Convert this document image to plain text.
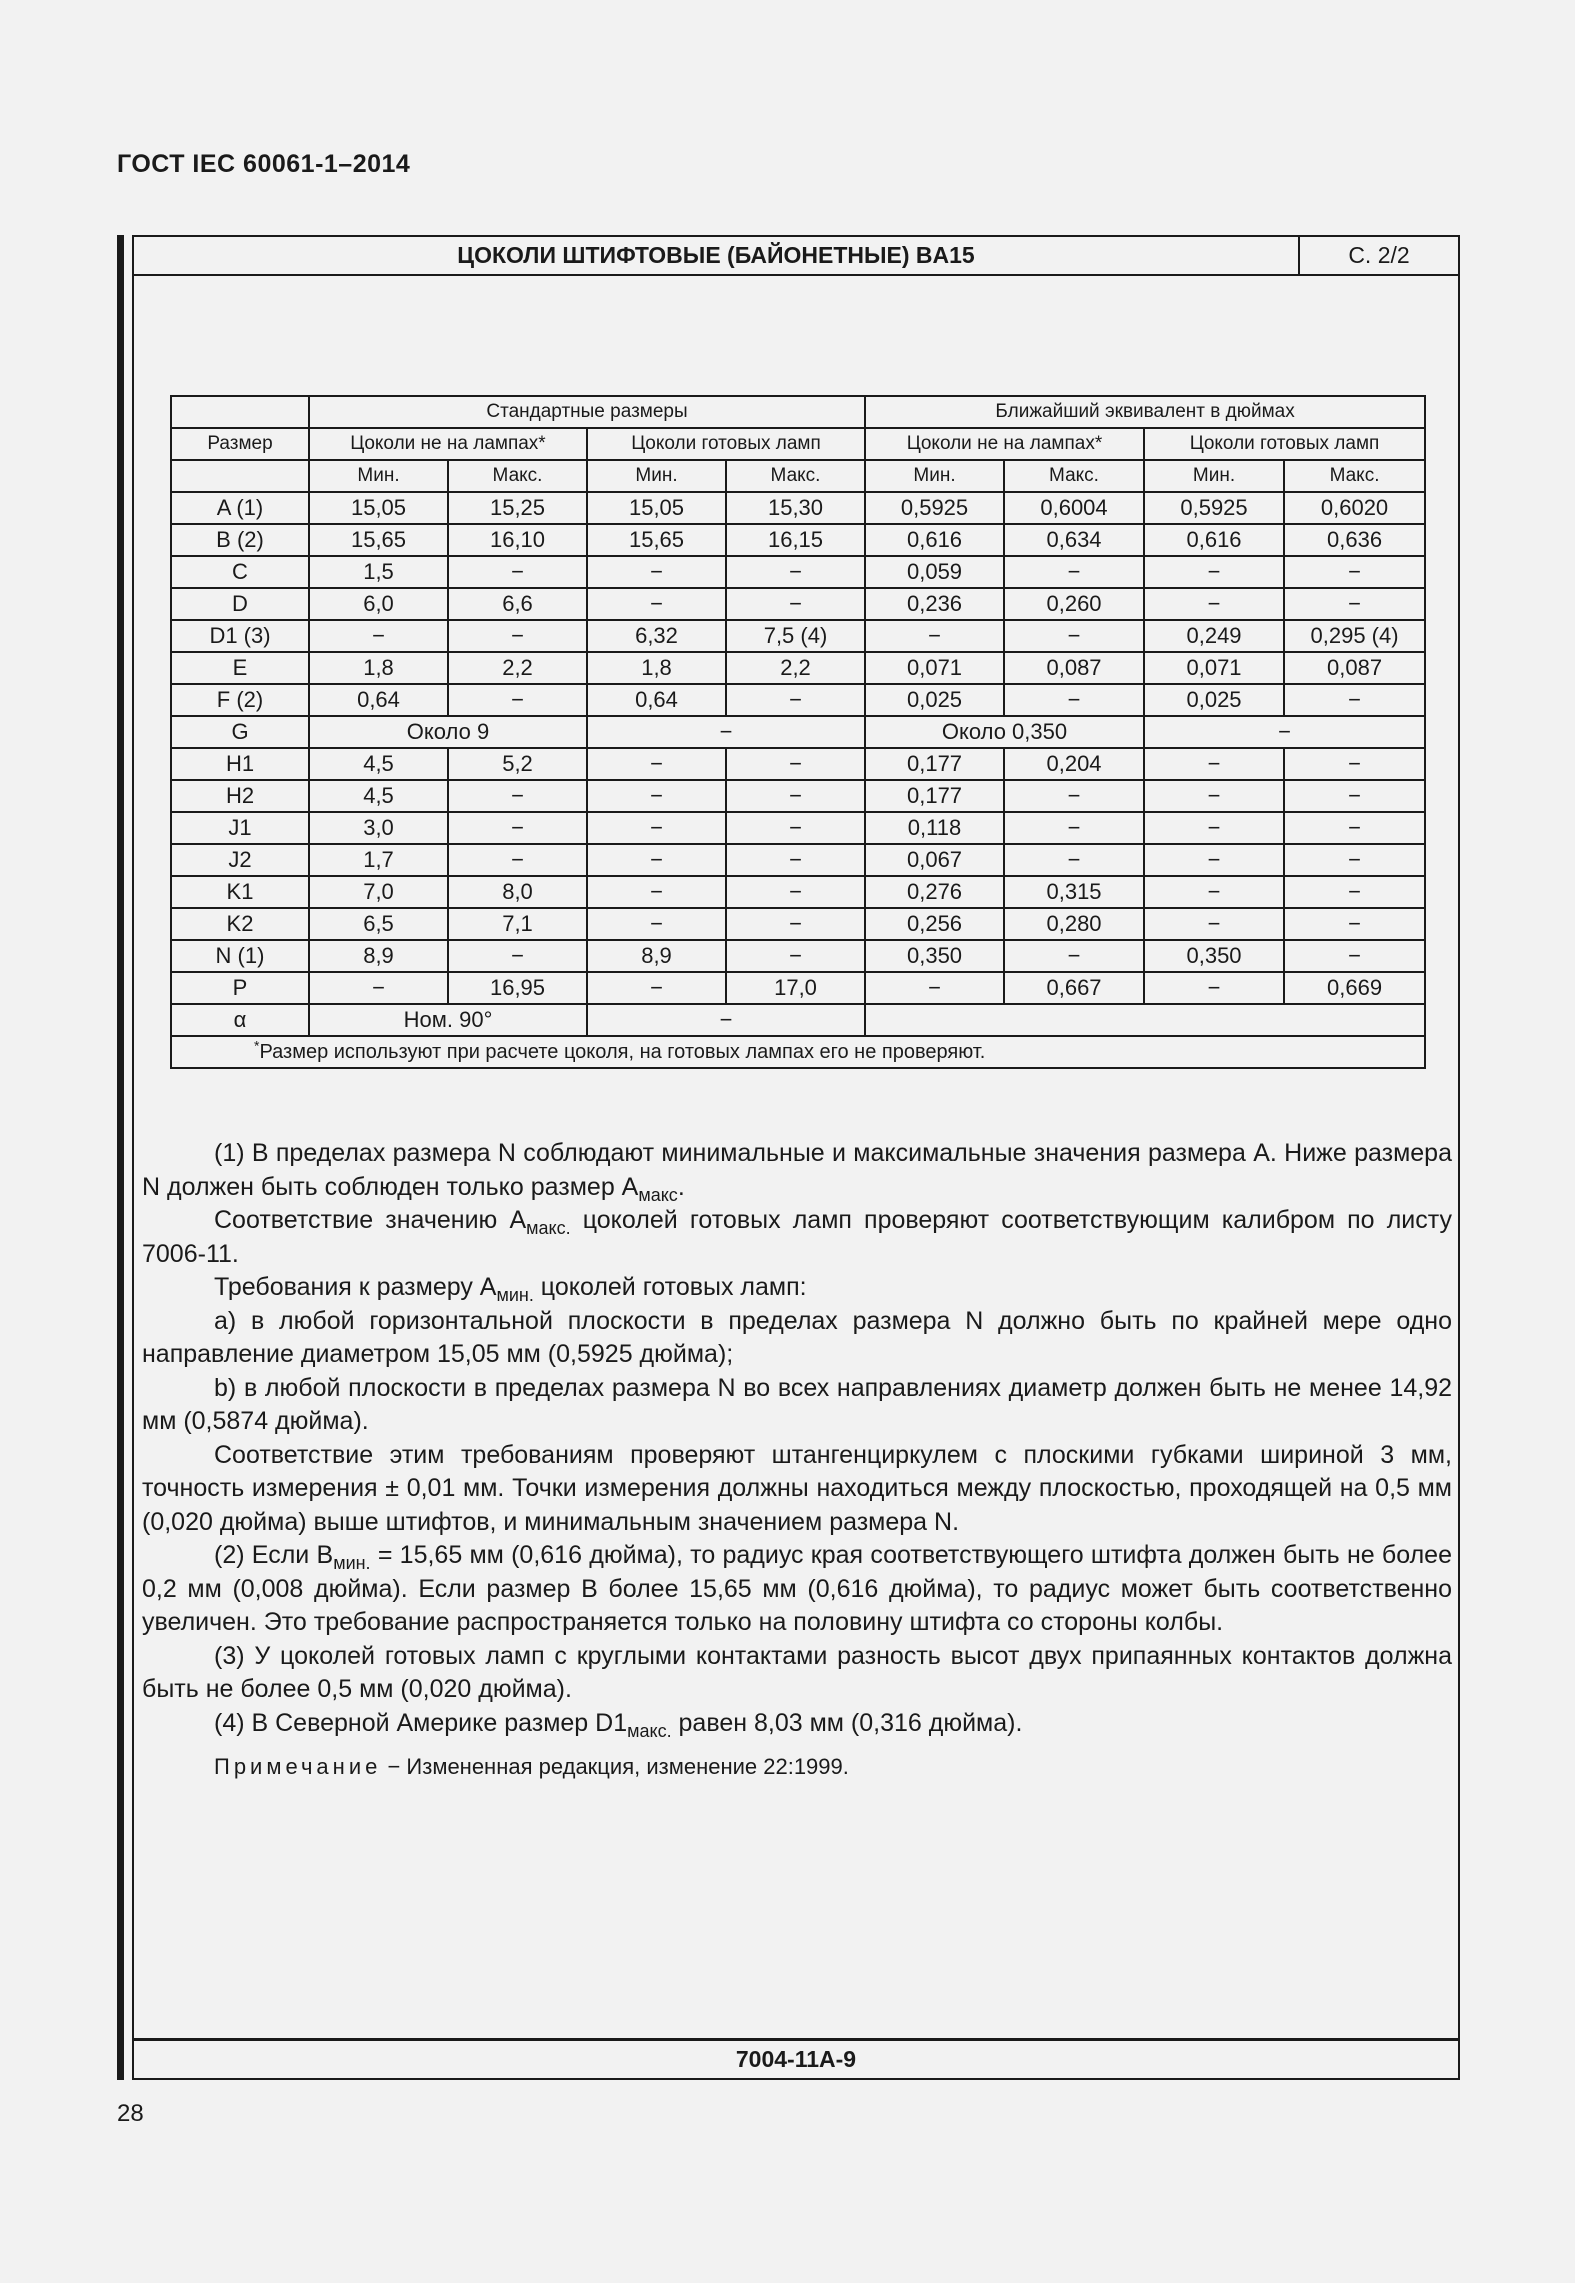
ГОСТ IEC 60061-1–2014
ЦОКОЛИ ШТИФТОВЫЕ (БАЙОНЕТНЫЕ) BA15	С. 2/2
	Стандартные размеры				Ближайший эквивалент в дюймах			
Размер	Цоколи не на лампах*		Цоколи готовых ламп		Цоколи не на лампах*		Цоколи готовых ламп	
	Мин.	Макс.	Мин.	Макс.	Мин.	Макс.	Мин.	Макс.
A (1)	15,05	15,25	15,05	15,30	0,5925	0,6004	0,5925	0,6020
B (2)	15,65	16,10	15,65	16,15	0,616	0,634	0,616	0,636
C	1,5	−	−	−	0,059	−	−	−
D	6,0	6,6	−	−	0,236	0,260	−	−
D1 (3)	−	−	6,32	7,5 (4)	−	−	0,249	0,295 (4)
E	1,8	2,2	1,8	2,2	0,071	0,087	0,071	0,087
F (2)	0,64	−	0,64	−	0,025	−	0,025	−
G	Около 9		−		Около 0,350		−	
H1	4,5	5,2	−	−	0,177	0,204	−	−
H2	4,5	−	−	−	0,177	−	−	−
J1	3,0	−	−	−	0,118	−	−	−
J2	1,7	−	−	−	0,067	−	−	−
K1	7,0	8,0	−	−	0,276	0,315	−	−
K2	6,5	7,1	−	−	0,256	0,280	−	−
N (1)	8,9	−	8,9	−	0,350	−	0,350	−
P	−	16,95	−	17,0	−	0,667	−	0,669
α	Ном. 90°		−					
*Размер используют при расчете цоколя, на готовых лампах его не проверяют.								

(1) В пределах размера N соблюдают минимальные и максимальные значения размера A. Ниже размера N должен быть соблюден только размер $A_{макс}$.

Соответствие значению $A_{макс.}$ цоколей готовых ламп проверяют соответствующим калибром по листу 7006-11.

Требования к размеру $A_{мин.}$ цоколей готовых ламп:

a) в любой горизонтальной плоскости в пределах размера N должно быть по крайней мере одно направление диаметром 15,05 мм (0,5925 дюйма);

b) в любой плоскости в пределах размера N во всех направлениях диаметр должен быть не менее 14,92 мм (0,5874 дюйма).

Соответствие этим требованиям проверяют штангенциркулем с плоскими губками шириной 3 мм, точность измерения ± 0,01 мм. Точки измерения должны находиться между плоскостью, проходящей на 0,5 мм (0,020 дюйма) выше штифтов, и минимальным значением размера N.

(2) Если $B_{мин.} = 15,65$ мм (0,616 дюйма), то радиус края соответствующего штифта должен быть не более 0,2 мм (0,008 дюйма). Если размер B более 15,65 мм (0,616 дюйма), то радиус может быть соответственно увеличен. Это требование распространяется только на половину штифта со стороны колбы.

(3) У цоколей готовых ламп с круглыми контактами разность высот двух припаянных контактов должна быть не более 0,5 мм (0,020 дюйма).

(4) В Северной Америке размер $D1_{макс.}$ равен 8,03 мм (0,316 дюйма).

Примечание − Измененная редакция, изменение 22:1999.

7004-11A-9
28
